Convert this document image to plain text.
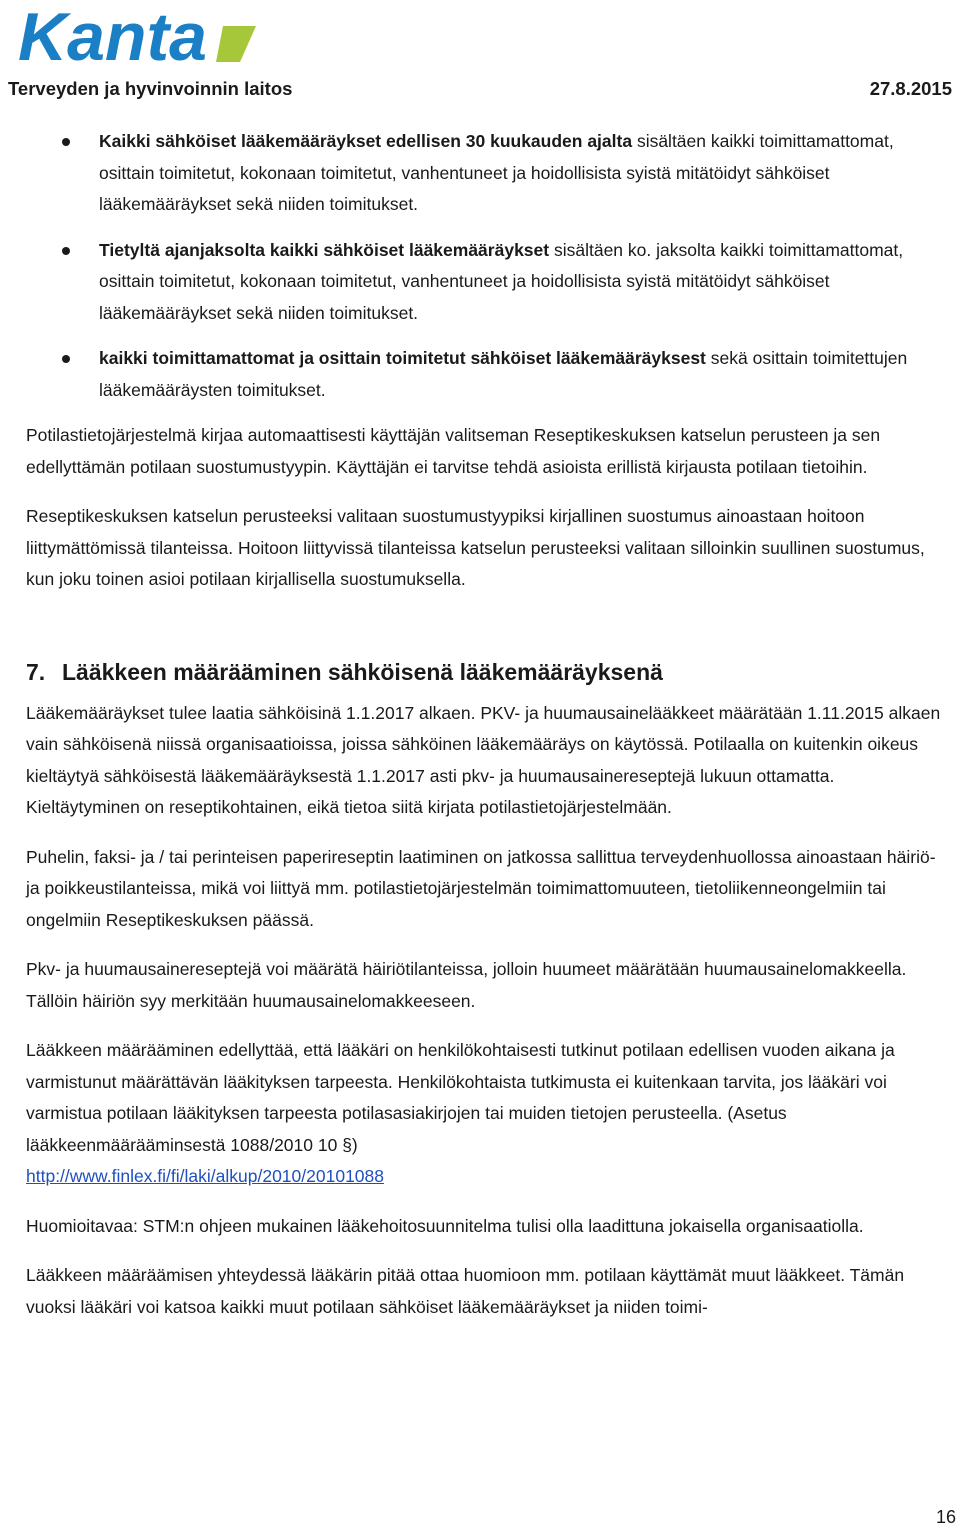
Kanta
Terveyden ja hyvinvoinnin laitos	27.8.2015
Kaikki sähköiset lääkemääräykset edellisen 30 kuukauden ajalta sisältäen kaikki toimittamattomat, osittain toimitetut, kokonaan toimitetut, vanhentuneet ja hoidollisista syistä mitätöidyt sähköiset lääkemääräykset sekä niiden toimitukset.
Tietyltä ajanjaksolta kaikki sähköiset lääkemääräykset sisältäen ko. jaksolta kaikki toimittamattomat, osittain toimitetut, kokonaan toimitetut, vanhentuneet ja hoidollisista syistä mitätöidyt sähköiset lääkemääräykset sekä niiden toimitukset.
kaikki toimittamattomat ja osittain toimitetut sähköiset lääkemääräyksest sekä osittain toimitettujen lääkemääräysten toimitukset.

Potilastietojärjestelmä kirjaa automaattisesti käyttäjän valitseman Reseptikeskuksen katselun perusteen ja sen edellyttämän potilaan suostumustyypin. Käyttäjän ei tarvitse tehdä asioista erillistä kirjausta potilaan tietoihin.

Reseptikeskuksen katselun perusteeksi valitaan suostumustyypiksi kirjallinen suostumus ainoastaan hoitoon liittymättömissä tilanteissa. Hoitoon liittyvissä tilanteissa katselun perusteeksi valitaan silloinkin suullinen suostumus, kun joku toinen asioi potilaan kirjallisella suostumuksella.

7. Lääkkeen määrääminen sähköisenä lääkemääräyksenä

Lääkemääräykset tulee laatia sähköisinä 1.1.2017 alkaen. PKV- ja huumausainelääkkeet määrätään 1.11.2015 alkaen vain sähköisenä niissä organisaatioissa, joissa sähköinen lääkemääräys on käytössä. Potilaalla on kuitenkin oikeus kieltäytyä sähköisestä lääkemääräyksestä 1.1.2017 asti pkv- ja huumausainereseptejä lukuun ottamatta. Kieltäytyminen on reseptikohtainen, eikä tietoa siitä kirjata potilastietojärjestelmään.

Puhelin, faksi- ja / tai perinteisen paperireseptin laatiminen on jatkossa sallittua terveydenhuollossa ainoastaan häiriö-ja poikkeustilanteissa, mikä voi liittyä mm. potilastietojärjestelmän toimimattomuuteen, tietoliikenneongelmiin tai ongelmiin Reseptikeskuksen päässä.

Pkv- ja huumausainereseptejä voi määrätä häiriötilanteissa, jolloin huumeet määrätään huumausainelomakkeella. Tällöin häiriön syy merkitään huumausainelomakkeeseen.

Lääkkeen määrääminen edellyttää, että lääkäri on henkilökohtaisesti tutkinut potilaan edellisen vuoden aikana ja varmistunut määrättävän lääkityksen tarpeesta. Henkilökohtaista tutkimusta ei kuitenkaan tarvita, jos lääkäri voi varmistua potilaan lääkityksen tarpeesta potilasasiakirjojen tai muiden tietojen perusteella. (Asetus lääkkeenmäärääminsestä 1088/2010 10 §)
http://www.finlex.fi/fi/laki/alkup/2010/20101088

Huomioitavaa: STM:n ohjeen mukainen lääkehoitosuunnitelma tulisi olla laadittuna jokaisella organisaatiolla.

Lääkkeen määräämisen yhteydessä lääkärin pitää ottaa huomioon mm. potilaan käyttämät muut lääkkeet. Tämän vuoksi lääkäri voi katsoa kaikki muut potilaan sähköiset lääkemääräykset ja niiden toimi-

16
